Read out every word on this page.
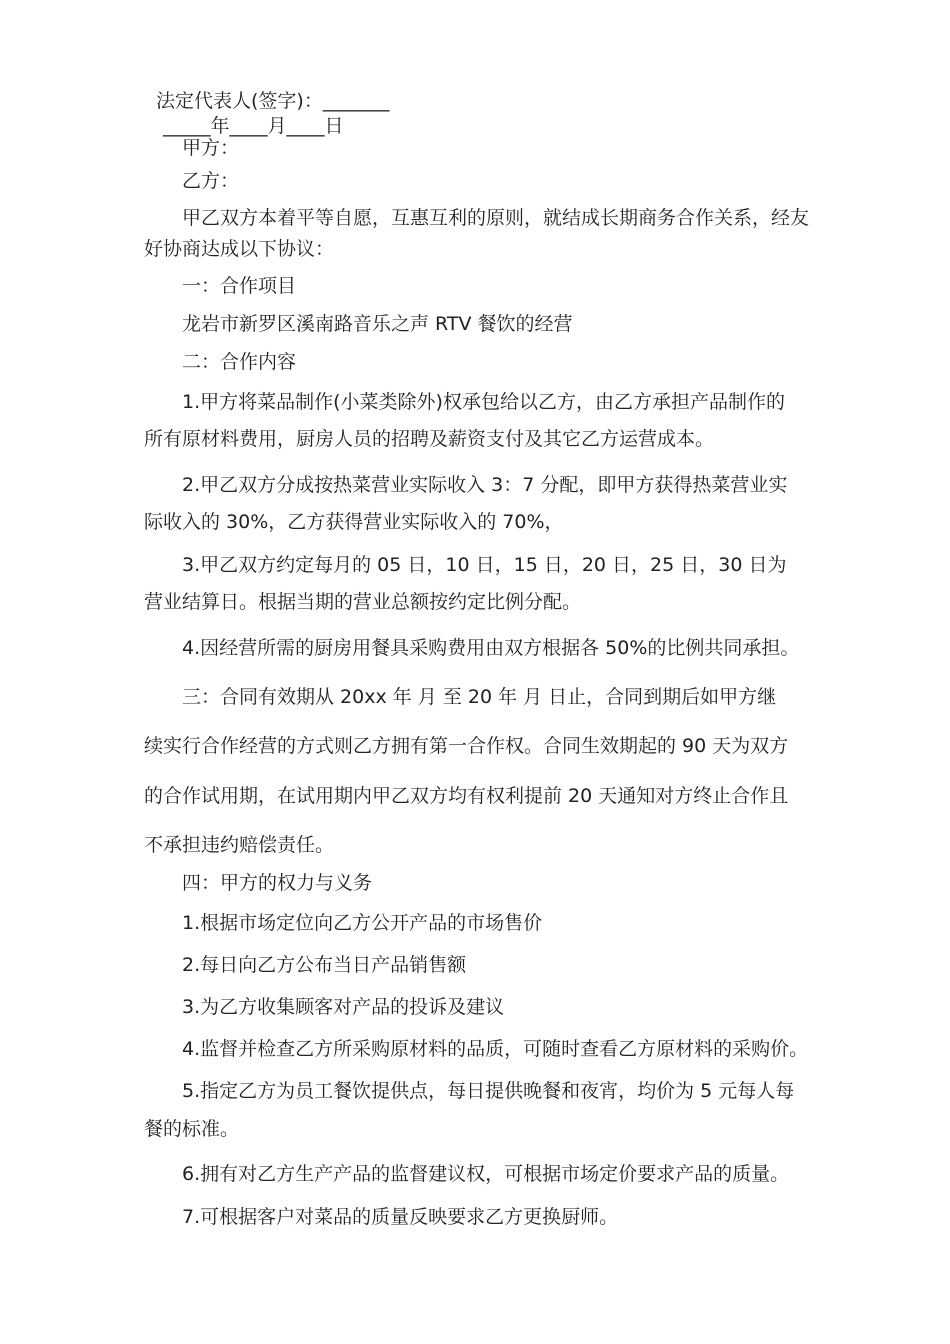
法定代表人(签字)：_______
_____年____月____日
甲方：
乙方：
甲乙双方本着平等自愿，互惠互利的原则，就结成长期商务合作关系，经友
好协商达成以下协议：
一：合作项目
龙岩市新罗区溪南路音乐之声 RTV 餐饮的经营
二：合作内容
1.甲方将菜品制作(小菜类除外)权承包给以乙方，由乙方承担产品制作的
所有原材料费用，厨房人员的招聘及薪资支付及其它乙方运营成本。
2.甲乙双方分成按热菜营业实际收入 3：7 分配，即甲方获得热菜营业实
际收入的 30%，乙方获得营业实际收入的 70%，
3.甲乙双方约定每月的 05 日，10 日，15 日，20 日，25 日，30 日为
营业结算日。根据当期的营业总额按约定比例分配。
4.因经营所需的厨房用餐具采购费用由双方根据各 50%的比例共同承担。
三：合同有效期从 20xx 年 月 至 20 年 月 日止，合同到期后如甲方继
续实行合作经营的方式则乙方拥有第一合作权。合同生效期起的 90 天为双方
的合作试用期，在试用期内甲乙双方均有权利提前 20 天通知对方终止合作且
不承担违约赔偿责任。
四：甲方的权力与义务
1.根据市场定位向乙方公开产品的市场售价
2.每日向乙方公布当日产品销售额
3.为乙方收集顾客对产品的投诉及建议
4.监督并检查乙方所采购原材料的品质，可随时查看乙方原材料的采购价。
5.指定乙方为员工餐饮提供点，每日提供晚餐和夜宵，均价为 5 元每人每
餐的标准。
6.拥有对乙方生产产品的监督建议权，可根据市场定价要求产品的质量。
7.可根据客户对菜品的质量反映要求乙方更换厨师。
